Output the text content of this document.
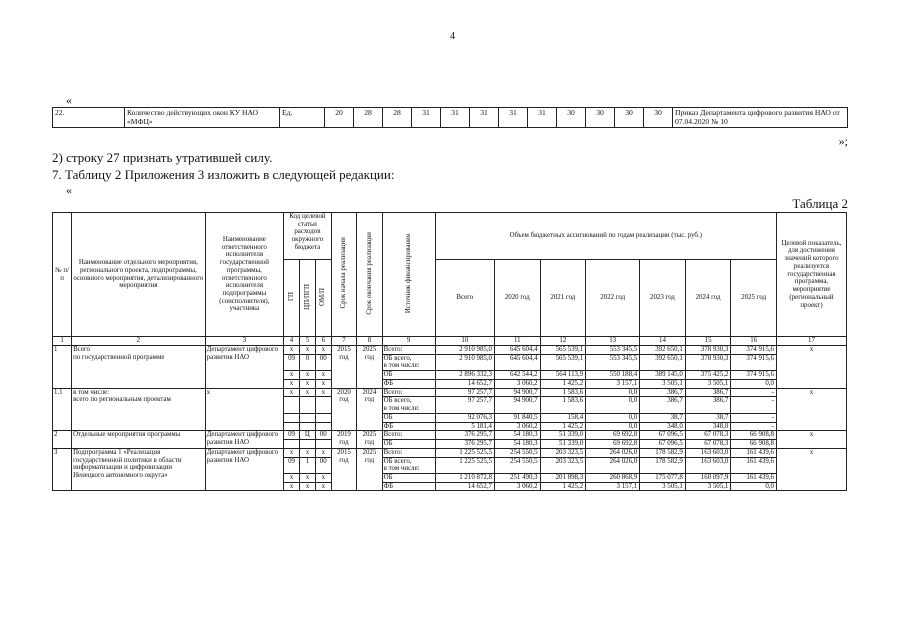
4
«
22.	Количество действующих окон КУ НАО «МФЦ»	Ед.	20	28	28	31	31	31	31	31	30	30	30	30	Приказ Департамента цифрового развития НАО от 07.04.2020 № 10
»;
2) строку 27 признать утратившей силу.
7. Таблицу 2 Приложения 3 изложить в следующей редакции:
«
Таблица 2
№ п/п	Наименование отдельного мероприятия, регионального проекта, подпрограммы, основного мероприятия, детализированного мероприятия	Наименование ответственного исполнителя государственной программы, ответственного исполнителя подпрограммы (соисполнителя), участника	Код целевой статьи расходов окружного бюджета			Срок начала реализации	Срок окончания реализации	Источник финансирования	Объем бюджетных ассигнований по годам реализации (тыс. руб.)							Целевой показатель, для достижения значений которого реализуется государственная программа, мероприятие (региональный проект)
			ГП	ЦП/ПГП	ОМ/П				Всего	2020 год	2021 год	2022 год	2023 год	2024 год	2025 год	
1	2	3	4	5	6	7	8	9	10	11	12	13	14	15	16	17
1	Всего
по государственной программе	Департамент цифрового развития НАО	х	х	х	2015 год	2025 год	Всего:	2 910 985,0	645 604,4	565 539,1	553 345,5	392 650,1	378 930,3	374 915,6	х
			09	0	00			ОБ всего,
в том числе:	2 910 985,0	645 604,4	565 539,1	553 345,5	392 650,1	378 930,3	374 915,6	
			х	х	х			ОБ	2 896 332,3	642 544,2	564 113,9	550 188,4	389 145,0	375 425,2	374 915,6	
			х	х	х			ФБ	14 652,7	3 060,2	1 425,2	3 157,1	3 505,1	3 505,1	0,0	
1.1	в том числе:
всего по региональным проектам	х	х	х	х	2020 год	2024 год	Всего:	97 257,7	94 900,7	1 583,6	0,0	386,7	386,7	-	х
								ОБ всего,
в том числе:	97 257,7	94 900,7	1 583,6	0,0	386,7	386,7	-	
								ОБ	92 076,3	91 840,5	158,4	0,0	38,7	38,7	-	
								ФБ	5 181,4	3 060,2	1 425,2	0,0	348,0	348,0	-	
2	Отдельные мероприятия программы	Департамент цифрового развития НАО	09	Ц	00	2019 год	2025 год	Всего:	376 295,7	54 180,3	51 339,0	69 692,8	67 096,5	67 078,3	66 908,8	х
								ОБ	376 295,7	54 180,3	51 339,0	69 692,8	67 096,5	67 078,3	66 908,8	
3	Подпрограмма 1 «Реализация государственной политики в области информатизации и цифровизации Ненецкого автономного округа»	Департамент цифрового развития НАО	х	х	х	2015 год	2025 год	Всего:	1 225 525,5	254 550,5	203 323,5	264 026,0	178 582,9	163 603,0	161 439,6	х
			09	1	00			ОБ всего,
в том числе:	1 225 525,5	254 550,5	203 323,5	264 026,0	178 582,9	163 603,0	161 439,6	
			х	х	х			ОБ	1 210 872,8	251 490,3	201 898,3	260 868,9	175 077,8	160 097,9	161 439,6	
			х	х	х			ФБ	14 652,7	3 060,2	1 425,2	3 157,1	3 505,1	3 505,1	0,0	
